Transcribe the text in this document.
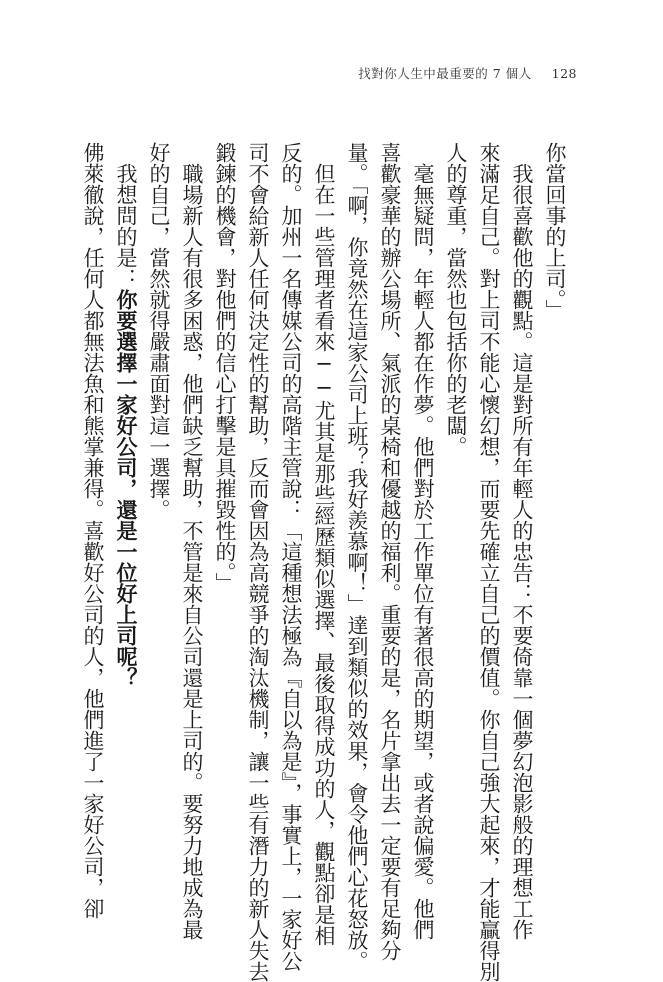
找對你人生中最重要的 7 個人 128
你當回事的上司。」
　我很喜歡他的觀點。這是對所有年輕人的忠告：不要倚靠一個夢幻泡影般的理想工作
來滿足自己。對上司不能心懷幻想，而要先確立自己的價值。你自己強大起來，才能贏得別
人的尊重，當然也包括你的老闆。
　毫無疑問，年輕人都在作夢。他們對於工作單位有著很高的期望，或者說偏愛。他們
喜歡豪華的辦公場所、氣派的桌椅和優越的福利。重要的是，名片拿出去一定要有足夠分
量。「啊，你竟然在這家公司上班？我好羨慕啊！」達到類似的效果，會令他們心花怒放。
　但在一些管理者看來──尤其是那些經歷類似選擇、最後取得成功的人，觀點卻是相
反的。加州一名傳媒公司的高階主管說：「這種想法極為『自以為是』，事實上，一家好公
司不會給新人任何決定性的幫助，反而會因為高競爭的淘汰機制，讓一些有潛力的新人失去
鍛鍊的機會，對他們的信心打擊是具摧毀性的。」
　職場新人有很多困惑，他們缺乏幫助，不管是來自公司還是上司的。要努力地成為最
好的自己，當然就得嚴肅面對這一選擇。
　我想問的是：你要選擇一家好公司，還是一位好上司呢？
佛萊徹說，任何人都無法魚和熊掌兼得。喜歡好公司的人，他們進了一家好公司，卻
